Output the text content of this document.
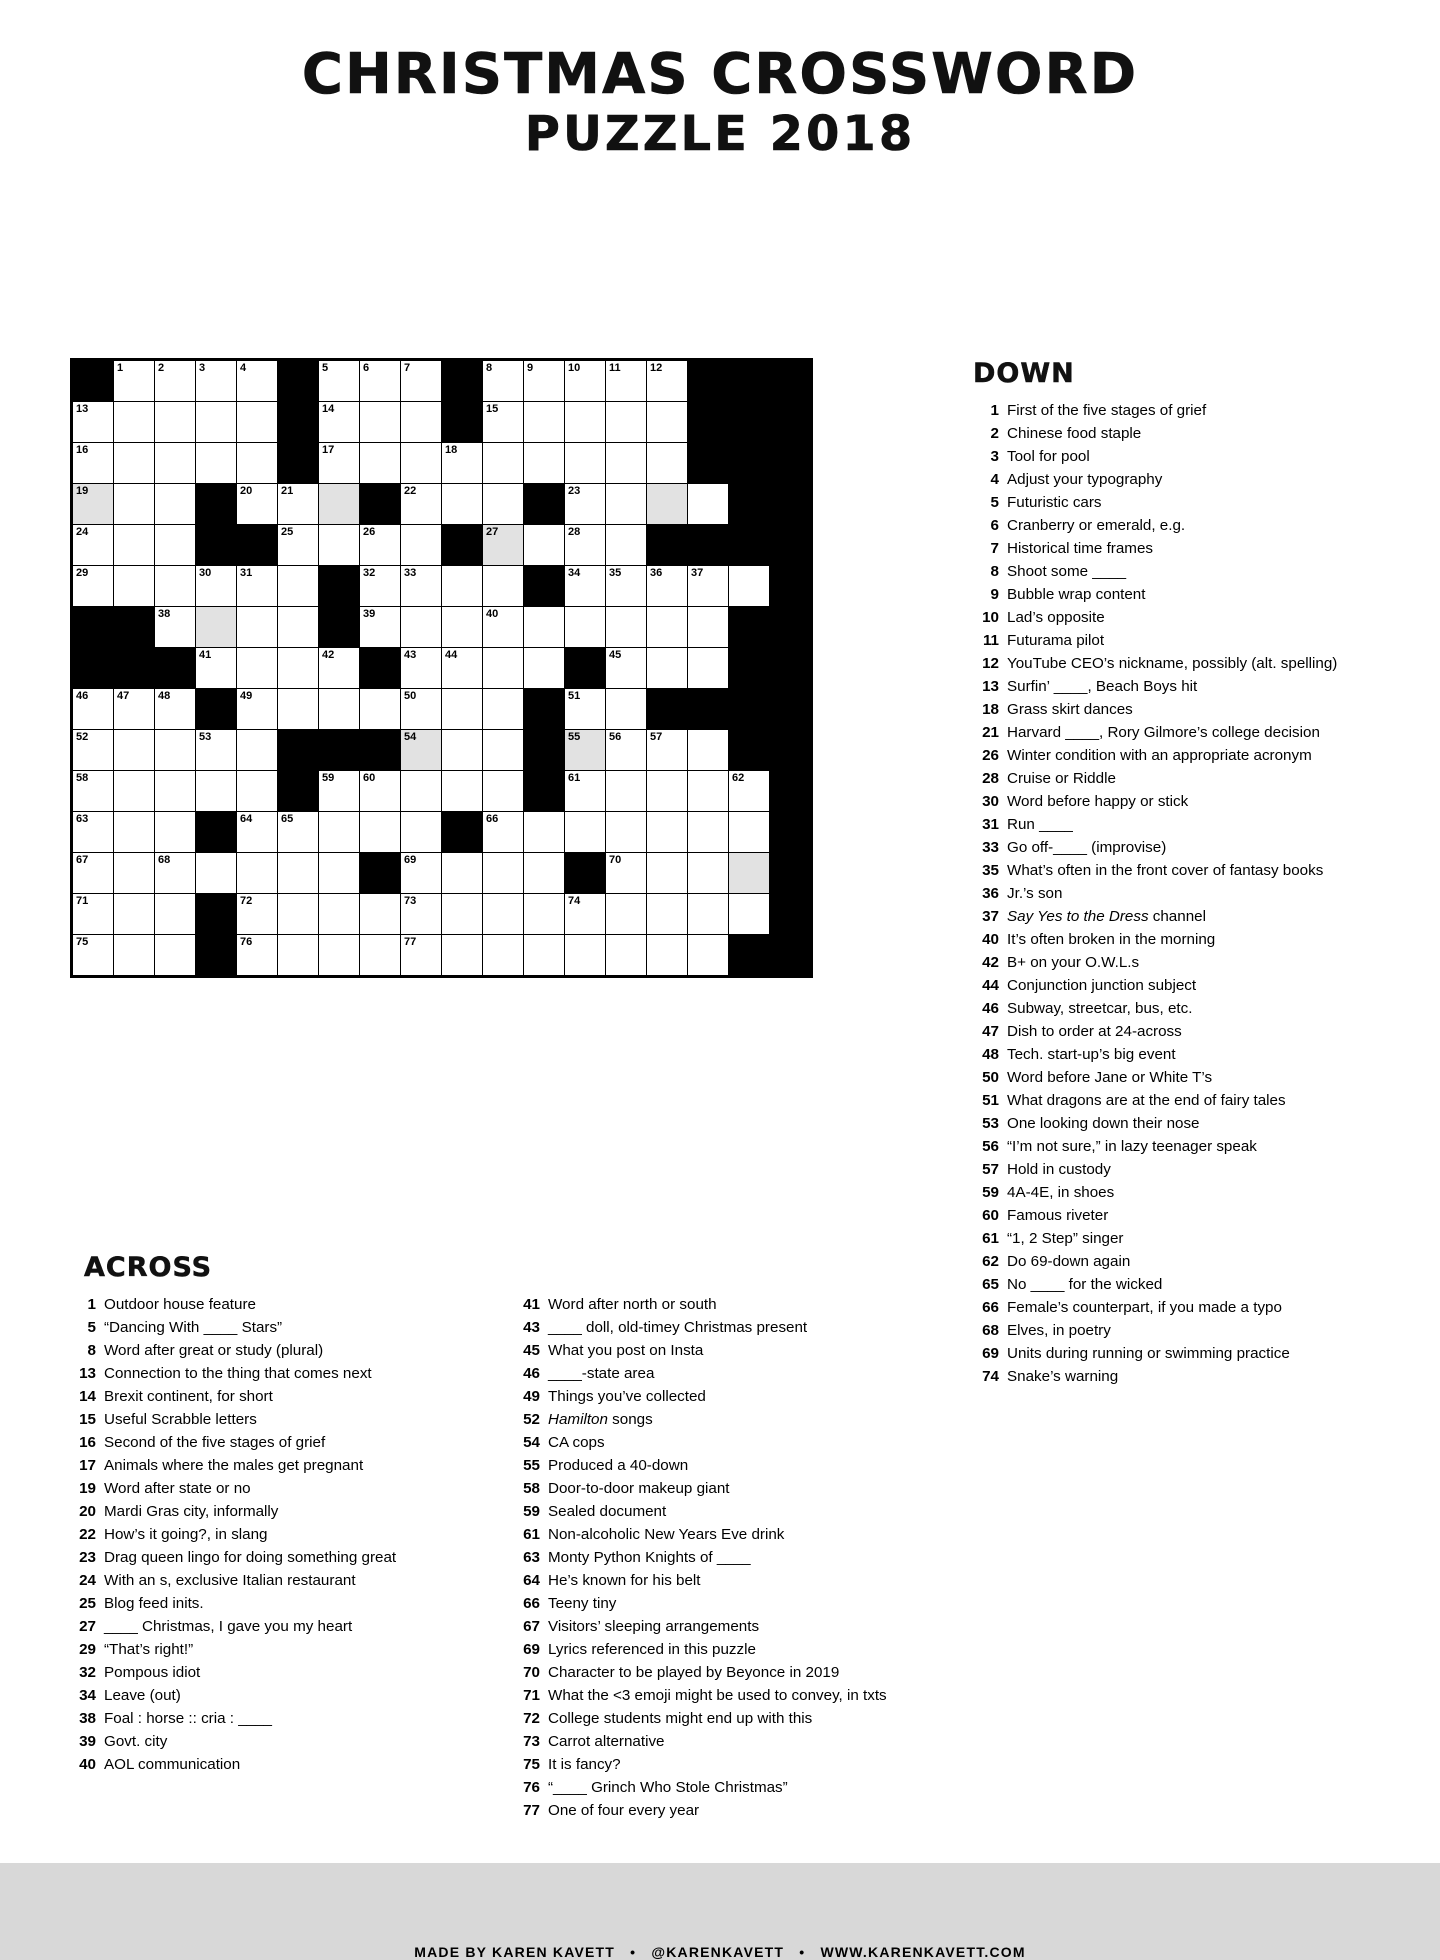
CHRISTMAS CROSSWORD
PUZZLE 2018

	1	2	3	4		5	6	7		8	9	10	11	12			

13						14				15							

16						17			18								

19				20	21			22				23					

24					25		26			27		28					

29			30	31			32	33				34	35	36	37		

		38					39			40							

			41			42		43	44				45				

46	47	48		49				50				51					

52			53					54				55	56	57			

58						59	60					61				62	

63				64	65					66							

67		68						69					70				

71				72				73				74					

75				76				77									

DOWN
1 First of the five stages of grief
2 Chinese food staple
3 Tool for pool
4 Adjust your typography
5 Futuristic cars
6 Cranberry or emerald, e.g.
7 Historical time frames
8 Shoot some ____
9 Bubble wrap content
10 Lad’s opposite
11 Futurama pilot
12 YouTube CEO’s nickname, possibly (alt. spelling)
13 Surfin’ ____, Beach Boys hit
18 Grass skirt dances
21 Harvard ____, Rory Gilmore’s college decision
26 Winter condition with an appropriate acronym
28 Cruise or Riddle
30 Word before happy or stick
31 Run ____
33 Go off-____ (improvise)
35 What’s often in the front cover of fantasy books
36 Jr.’s son
37 Say Yes to the Dress channel
40 It’s often broken in the morning
42 B+ on your O.W.L.s
44 Conjunction junction subject
46 Subway, streetcar, bus, etc.
47 Dish to order at 24-across
48 Tech. start-up’s big event
50 Word before Jane or White T’s
51 What dragons are at the end of fairy tales
53 One looking down their nose
56 “I’m not sure,” in lazy teenager speak
57 Hold in custody
59 4A-4E, in shoes
60 Famous riveter
61 “1, 2 Step” singer
62 Do 69-down again
65 No ____ for the wicked
66 Female’s counterpart, if you made a typo
68 Elves, in poetry
69 Units during running or swimming practice
74 Snake’s warning
ACROSS
1 Outdoor house feature
5 “Dancing With ____ Stars”
8 Word after great or study (plural)
13 Connection to the thing that comes next
14 Brexit continent, for short
15 Useful Scrabble letters
16 Second of the five stages of grief
17 Animals where the males get pregnant
19 Word after state or no
20 Mardi Gras city, informally
22 How’s it going?, in slang
23 Drag queen lingo for doing something great
24 With an s, exclusive Italian restaurant
25 Blog feed inits.
27 ____ Christmas, I gave you my heart
29 “That’s right!”
32 Pompous idiot
34 Leave (out)
38 Foal : horse :: cria : ____
39 Govt. city
40 AOL communication
41 Word after north or south
43 ____ doll, old-timey Christmas present
45 What you post on Insta
46 ____-state area
49 Things you’ve collected
52 Hamilton songs
54 CA cops
55 Produced a 40-down
58 Door-to-door makeup giant
59 Sealed document
61 Non-alcoholic New Years Eve drink
63 Monty Python Knights of ____
64 He’s known for his belt
66 Teeny tiny
67 Visitors’ sleeping arrangements
69 Lyrics referenced in this puzzle
70 Character to be played by Beyonce in 2019
71 What the <3 emoji might be used to convey, in txts
72 College students might end up with this
73 Carrot alternative
75 It is fancy?
76 “____ Grinch Who Stole Christmas”
77 One of four every year
MADE BY KAREN KAVETT • @KARENKAVETT • WWW.KARENKAVETT.COM
